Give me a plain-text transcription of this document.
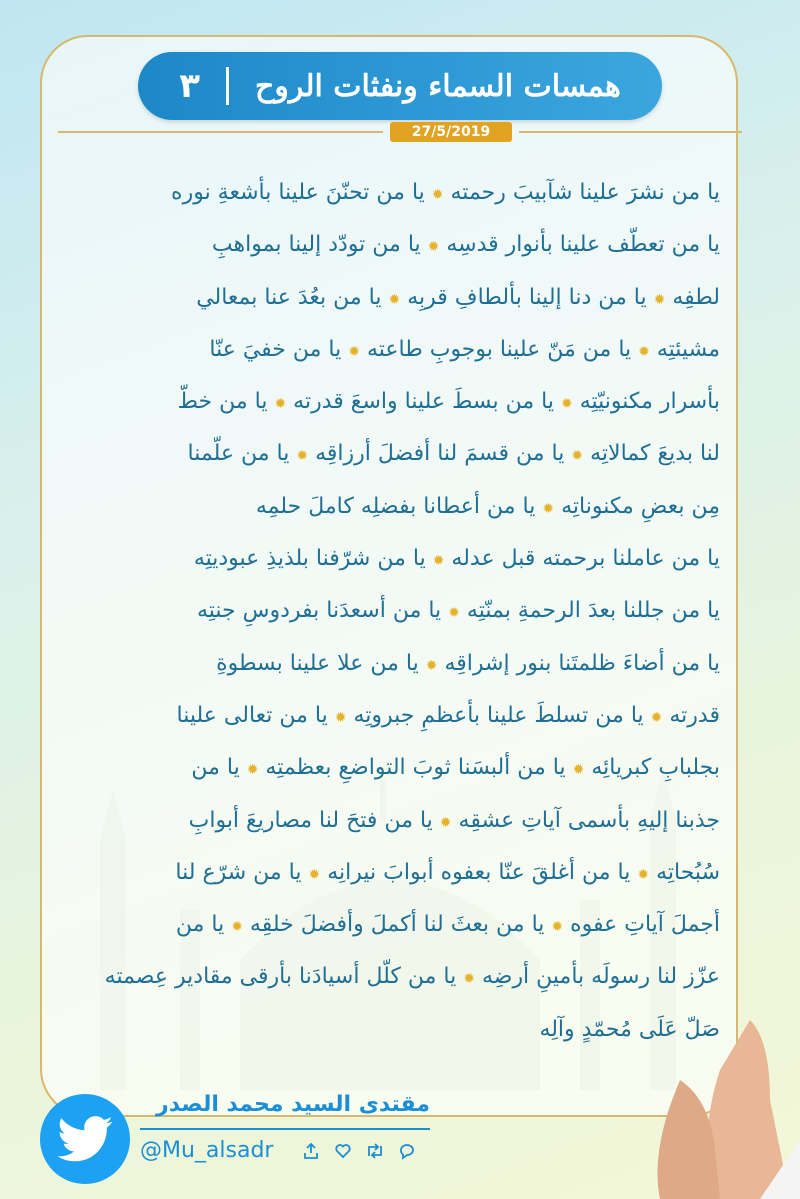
همسات السماء ونفثات الروح
٣
27/5/2019
يا من نشرَ علينا شآبيبَ رحمته ✹ يا من تحنّنَ علينا بأشعةِ نوره
يا من تعطّف علينا بأنوار قدسِه ✹ يا من تودّد إلينا بمواهبِ
لطفِه ✹ يا من دنا إلينا بألطافِ قربِه ✹ يا من بعُدَ عنا بمعالي
مشيئتِه ✹ يا من مَنّ علينا بوجوبِ طاعته ✹ يا من خفيَ عنّا
بأسرار مكنونيّتِه ✹ يا من بسطَ علينا واسعَ قدرته ✹ يا من خطّ
لنا بديعَ كمالاتِه ✹ يا من قسمَ لنا أفضلَ أرزاقِه ✹ يا من علّمنا
مِن بعضِ مكنوناتِه ✹ يا من أعطانا بفضلِه كاملَ حلمِه
يا من عاملنا برحمته قبل عدله ✹ يا من شرّفنا بلذيذِ عبوديتِه
يا من جللنا بعدَ الرحمةِ بمنّتِه ✹ يا من أسعدَنا بفردوسِ جنتِه
يا من أضاءَ ظلمتَنا بنور إشراقِه ✹ يا من علا علينا بسطوةِ
قدرته ✹ يا من تسلطَ علينا بأعظمِ جبروتِه ✹ يا من تعالى علينا
بجلبابِ كبريائِه ✹ يا من ألبسَنا ثوبَ التواضعِ بعظمتِه ✹ يا من
جذبنا إليهِ بأسمى آياتِ عشقِه ✹ يا من فتحَ لنا مصاريعَ أبوابِ
سُبُحاتِه ✹ يا من أغلقَ عنّا بعفوه أبوابَ نيرانِه ✹ يا من شرّع لنا
أجملَ آياتِ عفوه ✹ يا من بعثَ لنا أكملَ وأفضلَ خلقِه ✹ يا من
عزّز لنا رسولَه بأمينِ أرضِه ✹ يا من كلّل أسيادَنا بأرقى مقادير عِصمته
صَلّ عَلَى مُحمّدٍ وآلِه
مقتدى السيد محمد الصدر
@Mu_alsadr
